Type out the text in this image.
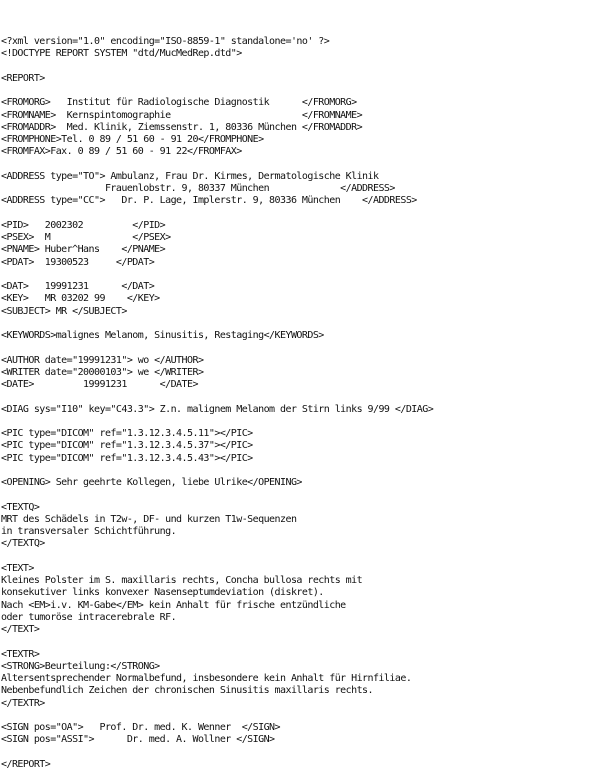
<?xml version="1.0" encoding="ISO-8859-1" standalone='no' ?>
<!DOCTYPE REPORT SYSTEM "dtd/MucMedRep.dtd">
<REPORT>
<FROMORG>   Institut für Radiologische Diagnostik      </FROMORG>
<FROMNAME>  Kernspintomographie                        </FROMNAME>
<FROMADDR>  Med. Klinik, Ziemssenstr. 1, 80336 München </FROMADDR>
<FROMPHONE>Tel. 0 89 / 51 60 - 91 20</FROMPHONE>
<FROMFAX>Fax. 0 89 / 51 60 - 91 22</FROMFAX>
<ADDRESS type="TO"> Ambulanz, Frau Dr. Kirmes, Dermatologische Klinik
Frauenlobstr. 9, 80337 München             </ADDRESS>
<ADDRESS type="CC">   Dr. P. Lage, Implerstr. 9, 80336 München    </ADDRESS>
<PID>   2002302         </PID>
<PSEX>  M               </PSEX>
<PNAME> Huber^Hans    </PNAME>
<PDAT>  19300523     </PDAT>
<DAT>   19991231      </DAT>
<KEY>   MR 03202 99    </KEY>
<SUBJECT> MR </SUBJECT>
<KEYWORDS>malignes Melanom, Sinusitis, Restaging</KEYWORDS>
<AUTHOR date="19991231"> wo </AUTHOR>
<WRITER date="20000103"> we </WRITER>
<DATE>         19991231      </DATE>
<DIAG sys="I10" key="C43.3"> Z.n. malignem Melanom der Stirn links 9/99 </DIAG>
<PIC type="DICOM" ref="1.3.12.3.4.5.11"></PIC>
<PIC type="DICOM" ref="1.3.12.3.4.5.37"></PIC>
<PIC type="DICOM" ref="1.3.12.3.4.5.43"></PIC>
<OPENING> Sehr geehrte Kollegen, liebe Ulrike</OPENING>
<TEXTQ>
MRT des Schädels in T2w-, DF- und kurzen T1w-Sequenzen
in transversaler Schichtführung.
</TEXTQ>
<TEXT>
Kleines Polster im S. maxillaris rechts, Concha bullosa rechts mit
konsekutiver links konvexer Nasenseptumdeviation (diskret).
Nach <EM>i.v. KM-Gabe</EM> kein Anhalt für frische entzündliche
oder tumoröse intracerebrale RF.
</TEXT>
<TEXTR>
<STRONG>Beurteilung:</STRONG>
Altersentsprechender Normalbefund, insbesondere kein Anhalt für Hirnfiliae.
Nebenbefundlich Zeichen der chronischen Sinusitis maxillaris rechts.
</TEXTR>
<SIGN pos="OA">   Prof. Dr. med. K. Wenner  </SIGN>
<SIGN pos="ASSI">      Dr. med. A. Wollner </SIGN>
</REPORT>
